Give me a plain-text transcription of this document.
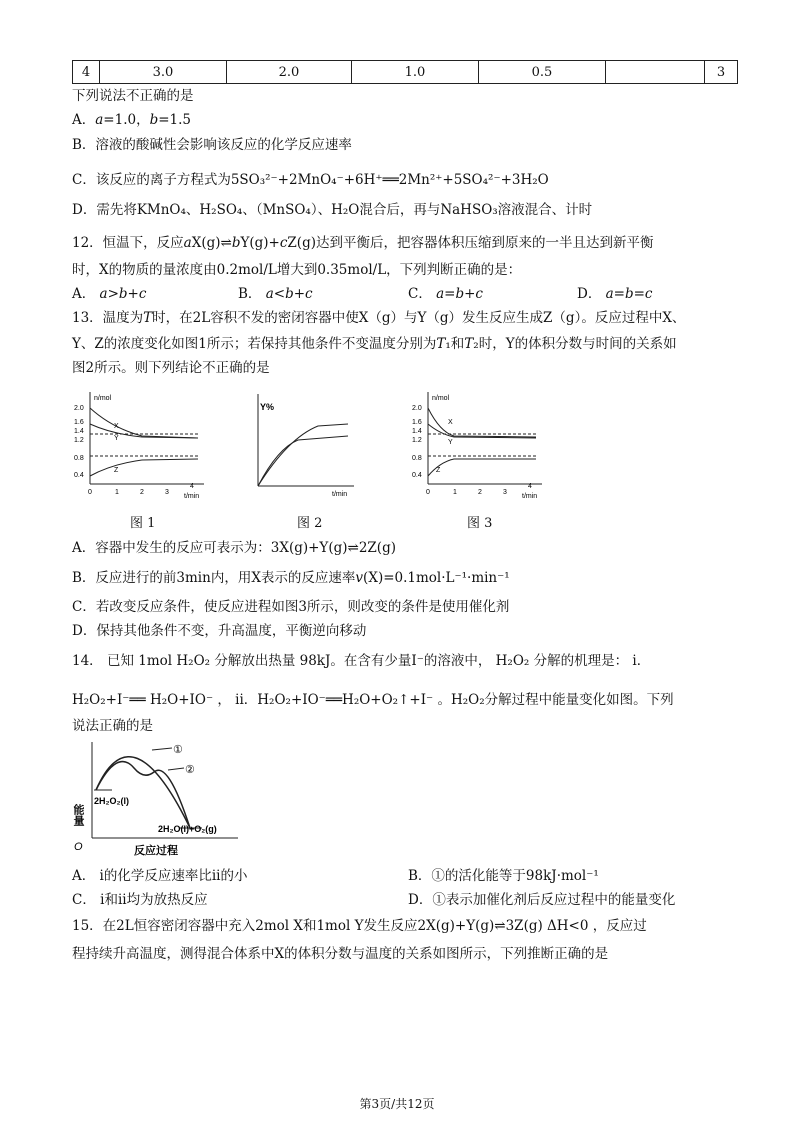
4	3.0	2.0	1.0	0.5		3
下列说法不正确的是
A．𝑎=1.0，𝑏=1.5
B．溶液的酸碱性会影响该反应的化学反应速率
C．该反应的离子方程式为5SO₃²⁻+2MnO₄⁻+6H⁺══2Mn²⁺+5SO₄²⁻+3H₂O
D．需先将KMnO₄、H₂SO₄、（MnSO₄）、H₂O混合后，再与NaHSO₃溶液混合、计时
12．恒温下，反应𝑎X(g)⇌𝑏Y(g)+𝑐Z(g)达到平衡后，把容器体积压缩到原来的一半且达到新平衡
时，X的物质的量浓度由0.2mol/L增大到0.35mol/L，下列判断正确的是：
A． 𝑎>𝑏+𝑐	B． 𝑎<𝑏+𝑐	C． 𝑎=𝑏+𝑐	D． 𝑎=𝑏=𝑐
13．温度为𝑇时，在2L容积不发的密闭容器中使X（g）与Y（g）发生反应生成Z（g）。反应过程中X、
Y、Z的浓度变化如图1所示；若保持其他条件不变温度分别为𝑇₁和𝑇₂时，Y的体积分数与时间的关系如
图2所示。则下列结论不正确的是
n/mol
2.0
1.6
1.4
1.2
0.8
0.4
0	1	2	3
4
t/min
X
Y
Z
图 1
Y%
t/min
图 2
n/mol
2.0
1.6
1.4
1.2
0.8
0.4
0	1	2	3
4
t/min
X
Y
Z
图 3
A．容器中发生的反应可表示为：3X(g)+Y(g)⇌2Z(g)
B．反应进行的前3min内，用X表示的反应速率𝑣(X)=0.1mol·L⁻¹·min⁻¹
C．若改变反应条件，使反应进程如图3所示，则改变的条件是使用催化剂
D．保持其他条件不变，升高温度，平衡逆向移动
14． 已知 1mol H₂O₂ 分解放出热量 98kJ。在含有少量I⁻的溶液中， H₂O₂ 分解的机理是： i．
H₂O₂+I⁻══ H₂O+IO⁻ ， ii．H₂O₂+IO⁻══H₂O+O₂↑+I⁻ 。H₂O₂分解过程中能量变化如图。下列
说法正确的是
能量
O	反应过程
①
②
2H₂O₂(l)
2H₂O(l)+O₂(g)
A． i的化学反应速率比ii的小	B．①的活化能等于98kJ·mol⁻¹
C． i和ii均为放热反应	D．①表示加催化剂后反应过程中的能量变化
15．在2L恒容密闭容器中充入2mol X和1mol Y发生反应2X(g)+Y(g)⇌3Z(g) ΔH<0 ，反应过
程持续升高温度，测得混合体系中X的体积分数与温度的关系如图所示，下列推断正确的是
第3页/共12页
